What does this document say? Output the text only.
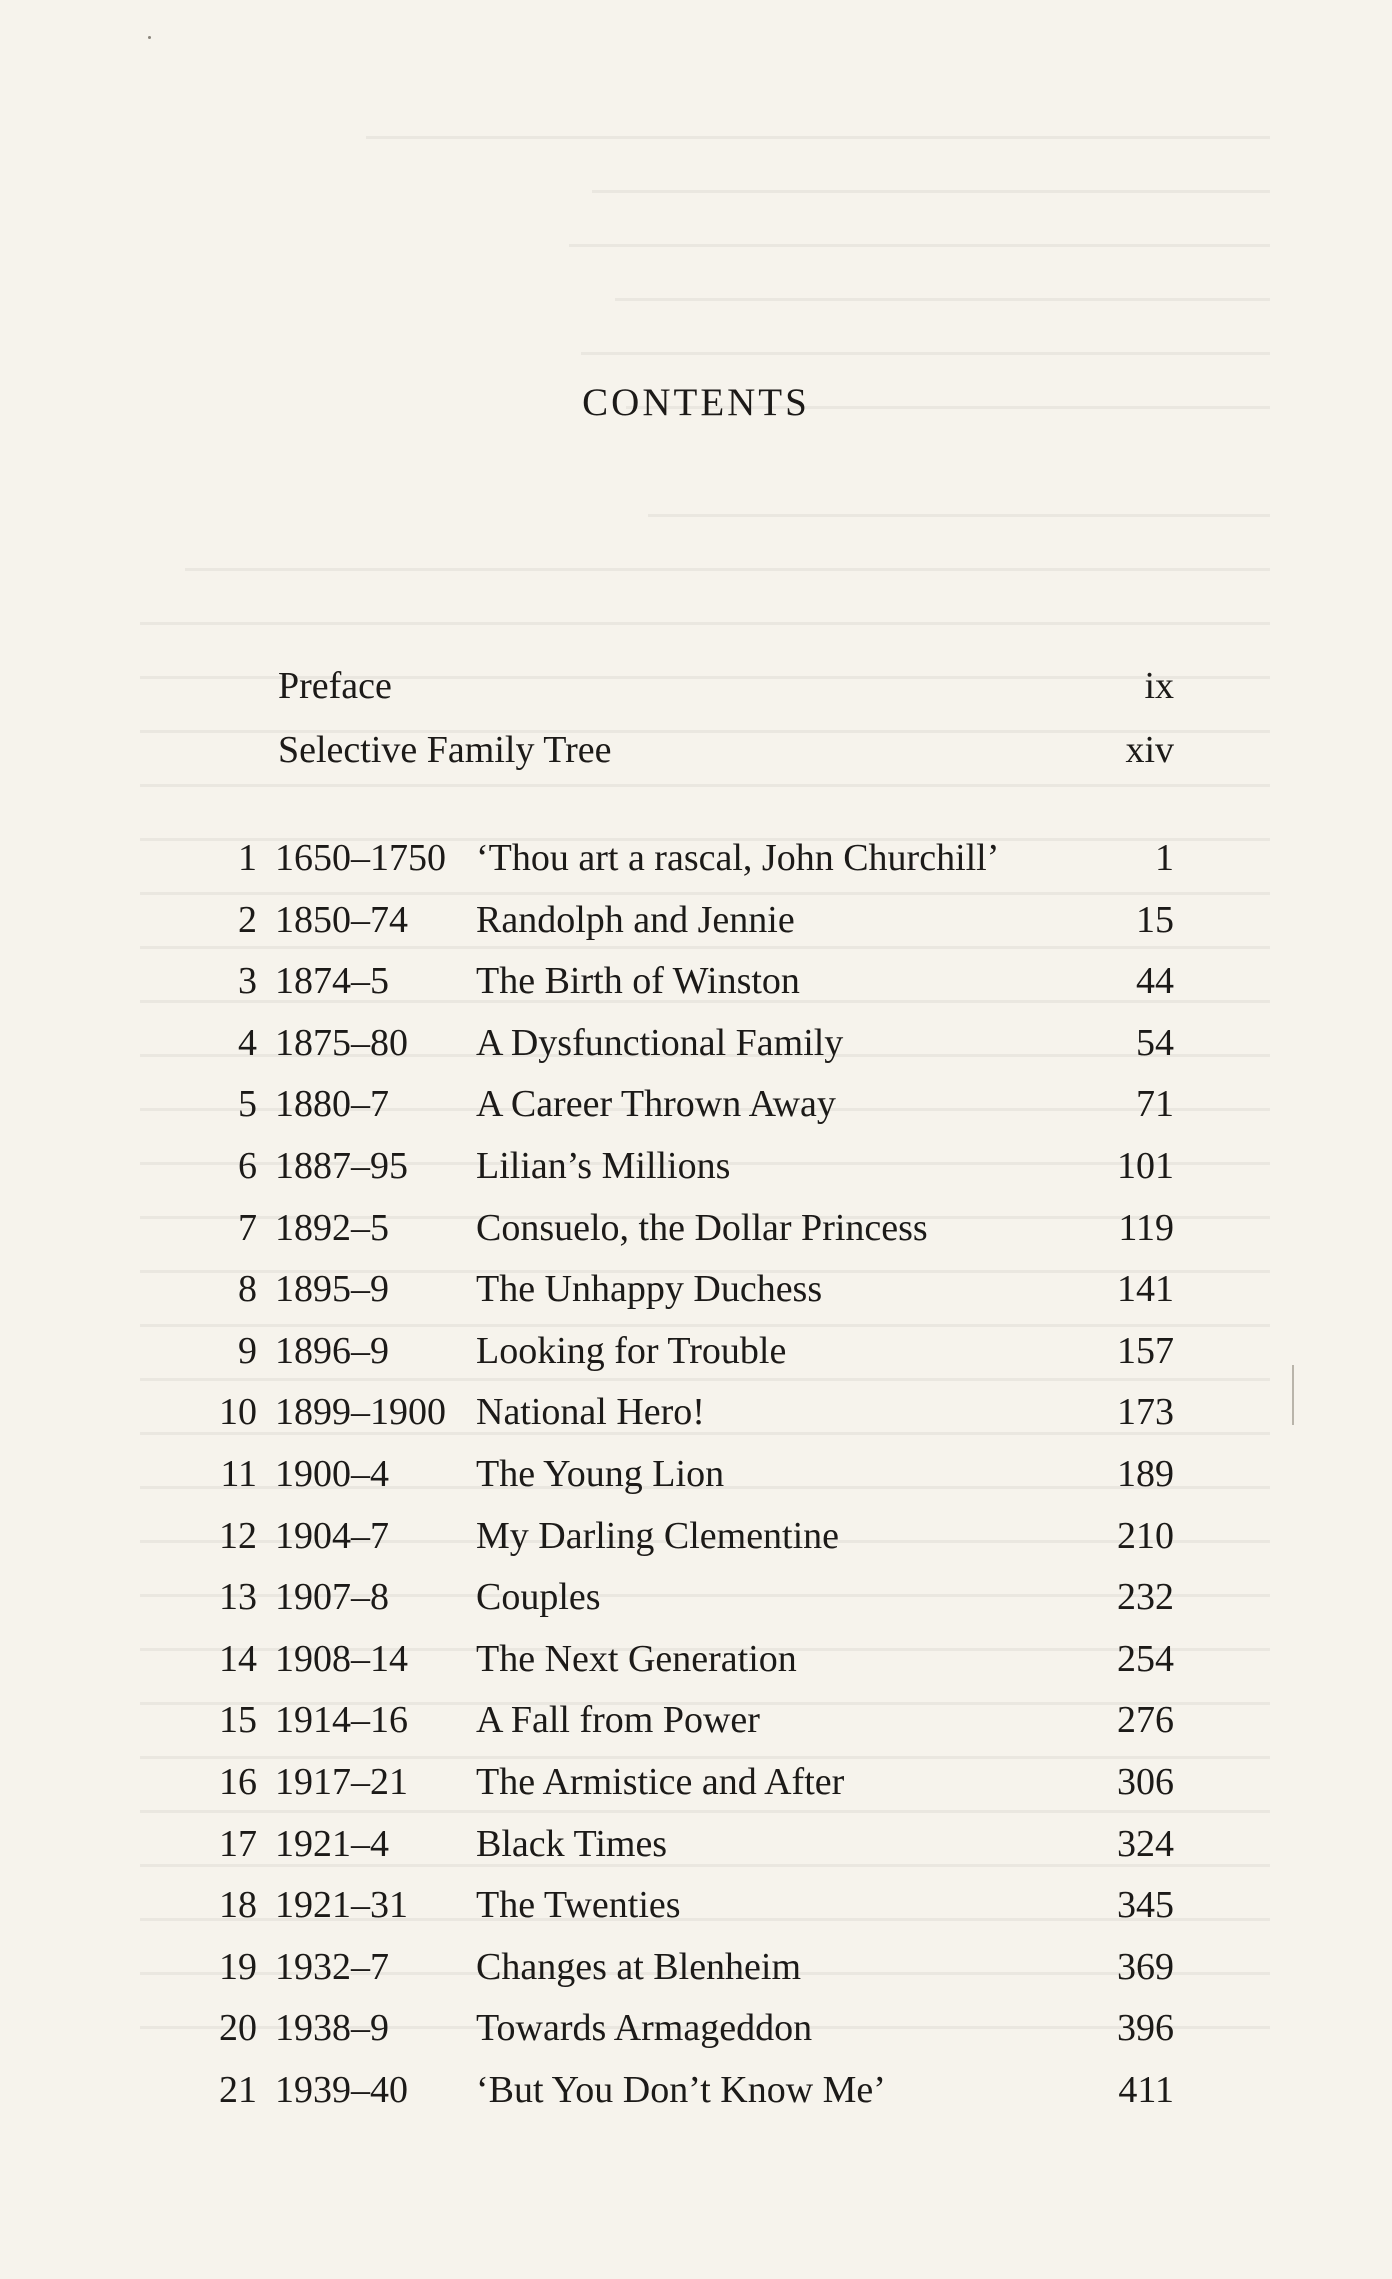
CONTENTS
Preface	ix
Selective Family Tree	xiv
1 1650–1750 ‘Thou art a rascal, John Churchill’	1
2 1850–74 Randolph and Jennie	15
3 1874–5 The Birth of Winston	44
4 1875–80 A Dysfunctional Family	54
5 1880–7 A Career Thrown Away	71
6 1887–95 Lilian’s Millions	101
7 1892–5 Consuelo, the Dollar Princess	119
8 1895–9 The Unhappy Duchess	141
9 1896–9 Looking for Trouble	157
10 1899–1900 National Hero!	173
11 1900–4 The Young Lion	189
12 1904–7 My Darling Clementine	210
13 1907–8 Couples	232
14 1908–14 The Next Generation	254
15 1914–16 A Fall from Power	276
16 1917–21 The Armistice and After	306
17 1921–4 Black Times	324
18 1921–31 The Twenties	345
19 1932–7 Changes at Blenheim	369
20 1938–9 Towards Armageddon	396
21 1939–40 ‘But You Don’t Know Me’	411
